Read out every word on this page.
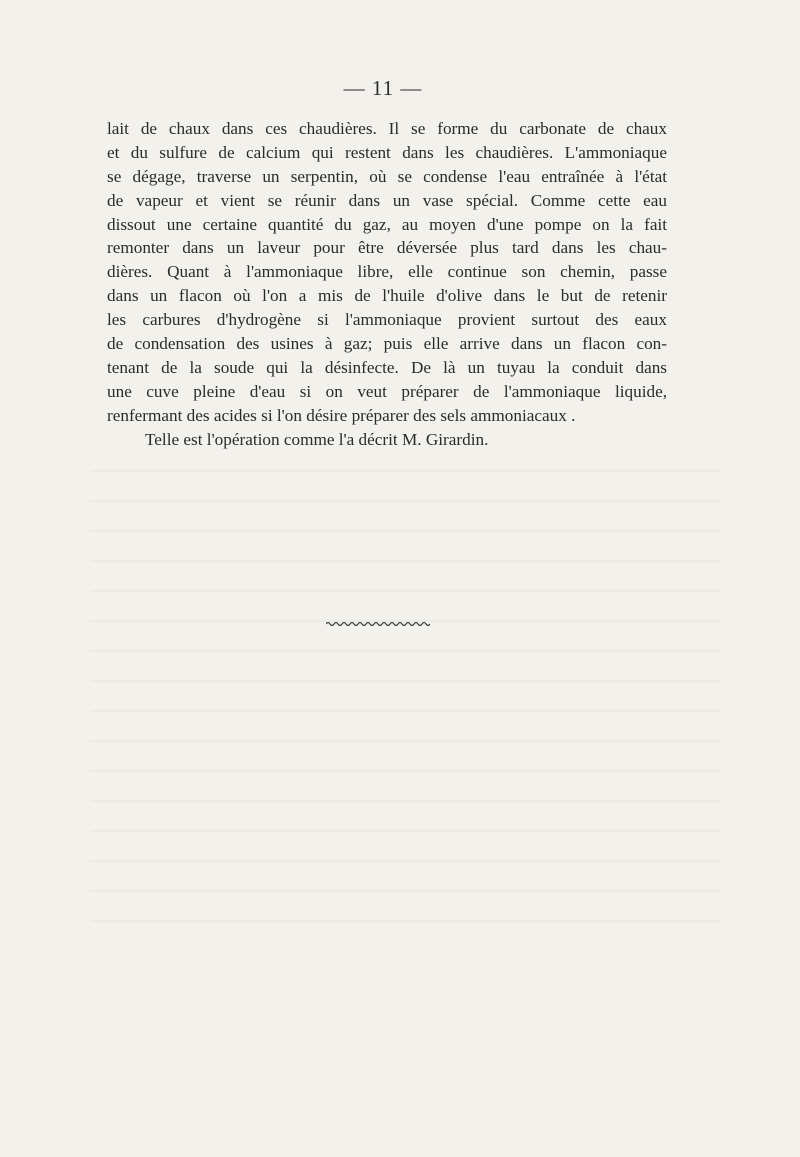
— 11 —
lait de chaux dans ces chaudières. Il se forme du carbonate de chaux
et du sulfure de calcium qui restent dans les chaudières. L'ammoniaque
se dégage, traverse un serpentin, où se condense l'eau entraînée à l'état
de vapeur et vient se réunir dans un vase spécial. Comme cette eau
dissout une certaine quantité du gaz, au moyen d'une pompe on la fait
remonter dans un laveur pour être déversée plus tard dans les chau-
dières. Quant à l'ammoniaque libre, elle continue son chemin, passe
dans un flacon où l'on a mis de l'huile d'olive dans le but de retenir
les carbures d'hydrogène si l'ammoniaque provient surtout des eaux
de condensation des usines à gaz; puis elle arrive dans un flacon con-
tenant de la soude qui la désinfecte. De là un tuyau la conduit dans
une cuve pleine d'eau si on veut préparer de l'ammoniaque liquide,
renfermant des acides si l'on désire préparer des sels ammoniacaux .
Telle est l'opération comme l'a décrit M. Girardin.
